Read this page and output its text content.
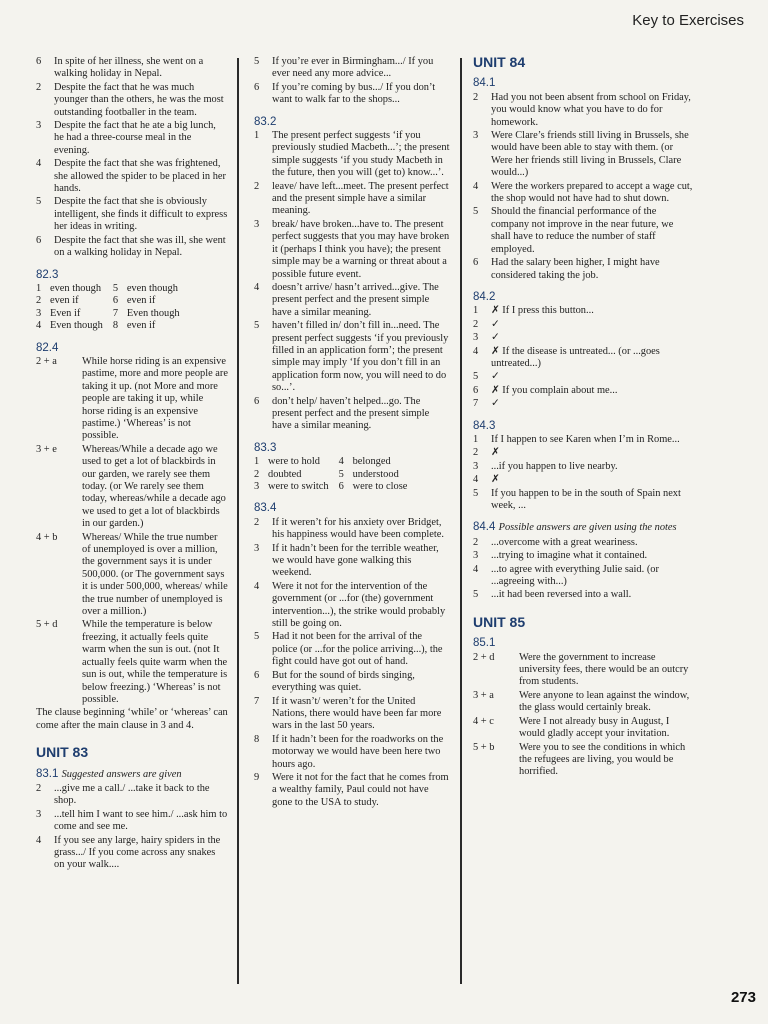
Key to Exercises
6 In spite of her illness, she went on a walking holiday in Nepal.
2 Despite the fact that he was much younger than the others, he was the most outstanding footballer in the team.
3 Despite the fact that he ate a big lunch, he had a three-course meal in the evening.
4 Despite the fact that she was frightened, she allowed the spider to be placed in her hands.
5 Despite the fact that she is obviously intelligent, she finds it difficult to express her ideas in writing.
6 Despite the fact that she was ill, she went on a walking holiday in Nepal.
82.3
1	even though	5	even though
2	even if	6	even if
3	Even if	7	Even though
4	Even though	8	even if
82.4
2 + a	While horse riding is an expensive pastime, more and more people are taking it up. (not More and more people are taking it up, while horse riding is an expensive pastime.) ‘Whereas’ is not possible.
3 + e	Whereas/While a decade ago we used to get a lot of blackbirds in our garden, we rarely see them today. (or We rarely see them today, whereas/while a decade ago we used to get a lot of blackbirds in our garden.)
4 + b	Whereas/ While the true number of unemployed is over a million, the government says it is under 500,000. (or The government says it is under 500,000, whereas/ while the true number of unemployed is over a million.)
5 + d	While the temperature is below freezing, it actually feels quite warm when the sun is out. (not It actually feels quite warm when the sun is out, while the temperature is below freezing.) ‘Whereas’ is not possible.
The clause beginning ‘while’ or ‘whereas’ can come after the main clause in 3 and 4.
UNIT 83
83.1 Suggested answers are given
2 ...give me a call./ ...take it back to the shop.
3 ...tell him I want to see him./ ...ask him to come and see me.
4 If you see any large, hairy spiders in the grass.../ If you come across any snakes on your walk....
5 If you’re ever in Birmingham.../ If you ever need any more advice...
6 If you’re coming by bus.../ If you don’t want to walk far to the shops...
83.2
1 The present perfect suggests ‘if you previously studied Macbeth...’; the present simple suggests ‘if you study Macbeth in the future, then you will (get to) know...’.
2 leave/ have left...meet. The present perfect and the present simple have a similar meaning.
3 break/ have broken...have to. The present perfect suggests that you may have broken it (perhaps I think you have); the present simple may be a warning or threat about a possible future event.
4 doesn’t arrive/ hasn’t arrived...give. The present perfect and the present simple have a similar meaning.
5 haven’t filled in/ don’t fill in...need. The present perfect suggests ‘if you previously filled in an application form’; the present simple may imply ‘If you don’t fill in an application form now, you will need to do so...’.
6 don’t help/ haven’t helped...go. The present perfect and the present simple have a similar meaning.
83.3
1	were to hold	4	belonged
2	doubted	5	understood
3	were to switch	6	were to close
83.4
2 If it weren’t for his anxiety over Bridget, his happiness would have been complete.
3 If it hadn’t been for the terrible weather, we would have gone walking this weekend.
4 Were it not for the intervention of the government (or ...for (the) government intervention...), the strike would probably still be going on.
5 Had it not been for the arrival of the police (or ...for the police arriving...), the fight could have got out of hand.
6 But for the sound of birds singing, everything was quiet.
7 If it wasn’t/ weren’t for the United Nations, there would have been far more wars in the last 50 years.
8 If it hadn’t been for the roadworks on the motorway we would have been here two hours ago.
9 Were it not for the fact that he comes from a wealthy family, Paul could not have gone to the USA to study.
UNIT 84
84.1
2 Had you not been absent from school on Friday, you would know what you have to do for homework.
3 Were Clare’s friends still living in Brussels, she would have been able to stay with them. (or Were her friends still living in Brussels, Clare would...)
4 Were the workers prepared to accept a wage cut, the shop would not have had to shut down.
5 Should the financial performance of the company not improve in the near future, we shall have to reduce the number of staff employed.
6 Had the salary been higher, I might have considered taking the job.
84.2
1 ✗ If I press this button...
2 ✓
3 ✓
4 ✗ If the disease is untreated... (or ...goes untreated...)
5 ✓
6 ✗ If you complain about me...
7 ✓
84.3
1 If I happen to see Karen when I’m in Rome...
2 ✗
3 ...if you happen to live nearby.
4 ✗
5 If you happen to be in the south of Spain next week, ...
84.4 Possible answers are given using the notes
2 ...overcome with a great weariness.
3 ...trying to imagine what it contained.
4 ...to agree with everything Julie said. (or ...agreeing with...)
5 ...it had been reversed into a wall.
UNIT 85
85.1
2 + d	Were the government to increase university fees, there would be an outcry from students.
3 + a	Were anyone to lean against the window, the glass would certainly break.
4 + c	Were I not already busy in August, I would gladly accept your invitation.
5 + b	Were you to see the conditions in which the refugees are living, you would be horrified.
273
